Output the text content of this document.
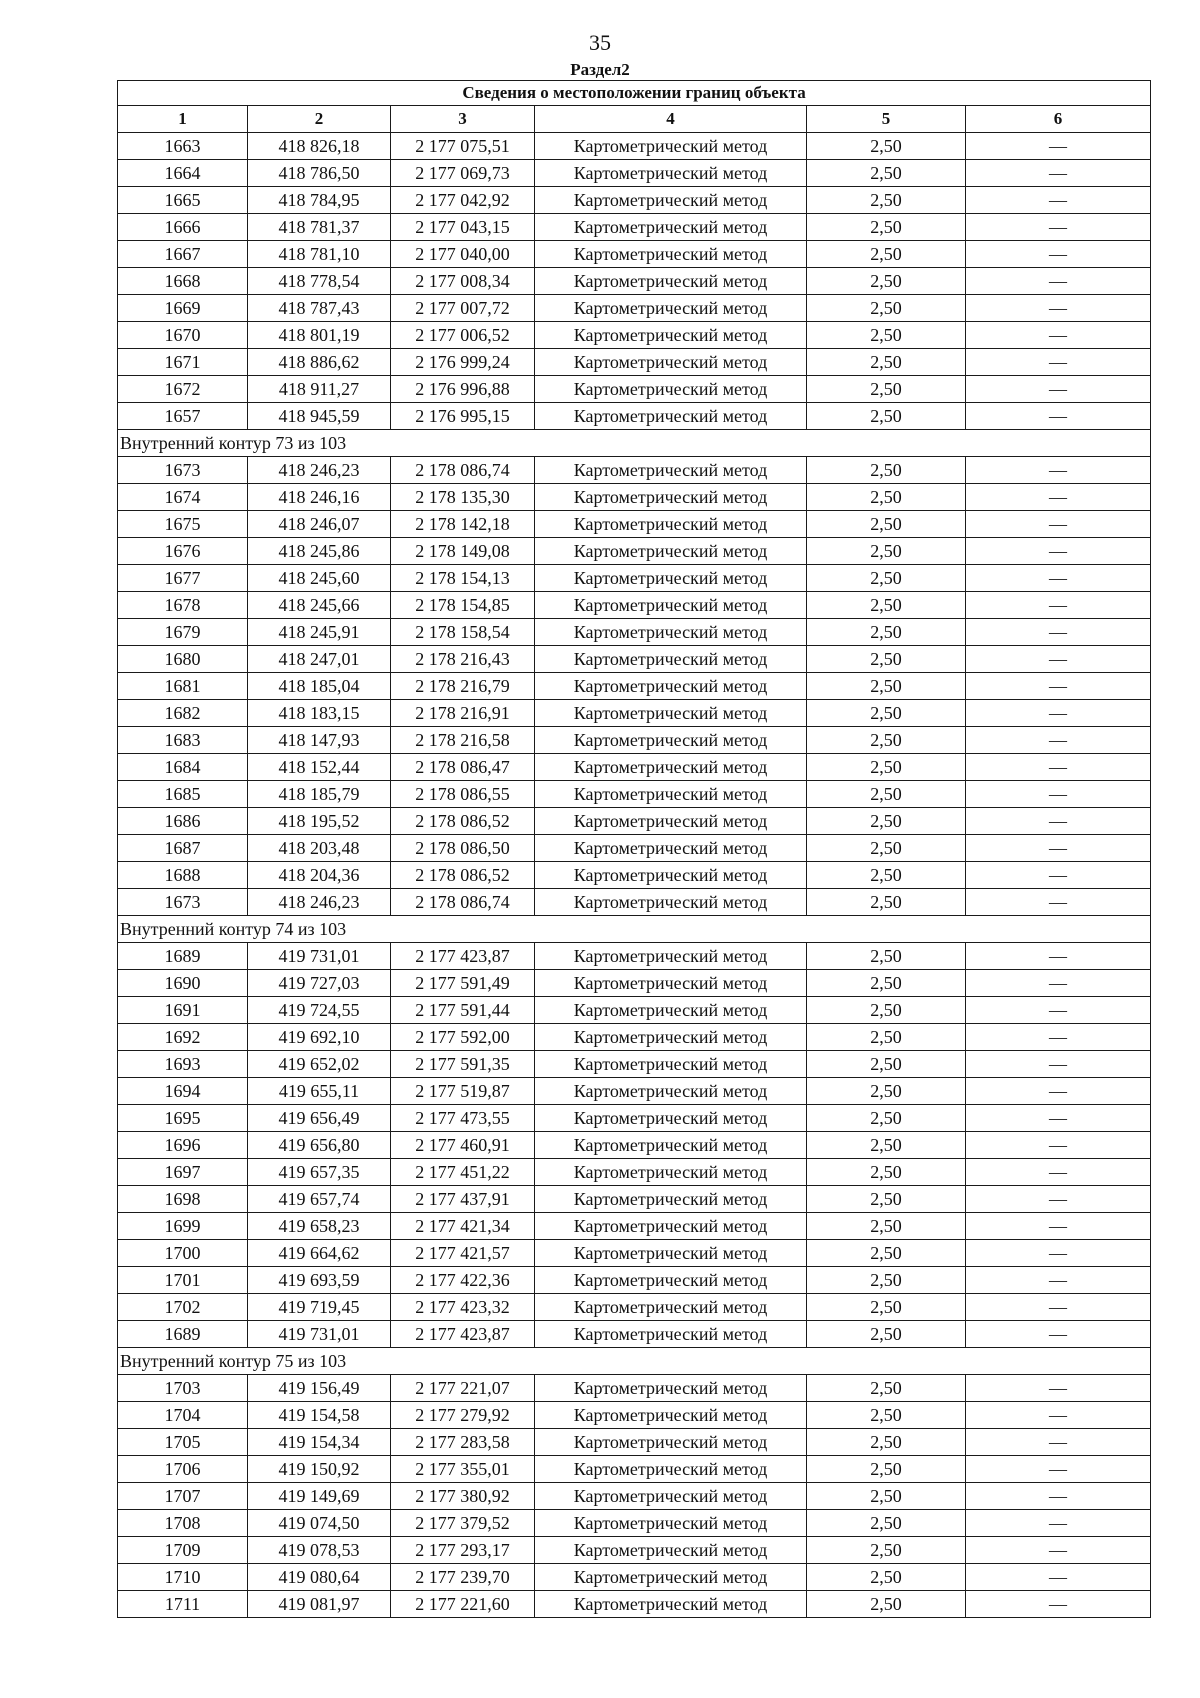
35
Раздел2
Сведения о местоположении границ объекта					
1	2	3	4	5	6
1663	418 826,18	2 177 075,51	Картометрический метод	2,50	—
1664	418 786,50	2 177 069,73	Картометрический метод	2,50	—
1665	418 784,95	2 177 042,92	Картометрический метод	2,50	—
1666	418 781,37	2 177 043,15	Картометрический метод	2,50	—
1667	418 781,10	2 177 040,00	Картометрический метод	2,50	—
1668	418 778,54	2 177 008,34	Картометрический метод	2,50	—
1669	418 787,43	2 177 007,72	Картометрический метод	2,50	—
1670	418 801,19	2 177 006,52	Картометрический метод	2,50	—
1671	418 886,62	2 176 999,24	Картометрический метод	2,50	—
1672	418 911,27	2 176 996,88	Картометрический метод	2,50	—
1657	418 945,59	2 176 995,15	Картометрический метод	2,50	—
Внутренний контур 73 из 103					
1673	418 246,23	2 178 086,74	Картометрический метод	2,50	—
1674	418 246,16	2 178 135,30	Картометрический метод	2,50	—
1675	418 246,07	2 178 142,18	Картометрический метод	2,50	—
1676	418 245,86	2 178 149,08	Картометрический метод	2,50	—
1677	418 245,60	2 178 154,13	Картометрический метод	2,50	—
1678	418 245,66	2 178 154,85	Картометрический метод	2,50	—
1679	418 245,91	2 178 158,54	Картометрический метод	2,50	—
1680	418 247,01	2 178 216,43	Картометрический метод	2,50	—
1681	418 185,04	2 178 216,79	Картометрический метод	2,50	—
1682	418 183,15	2 178 216,91	Картометрический метод	2,50	—
1683	418 147,93	2 178 216,58	Картометрический метод	2,50	—
1684	418 152,44	2 178 086,47	Картометрический метод	2,50	—
1685	418 185,79	2 178 086,55	Картометрический метод	2,50	—
1686	418 195,52	2 178 086,52	Картометрический метод	2,50	—
1687	418 203,48	2 178 086,50	Картометрический метод	2,50	—
1688	418 204,36	2 178 086,52	Картометрический метод	2,50	—
1673	418 246,23	2 178 086,74	Картометрический метод	2,50	—
Внутренний контур 74 из 103					
1689	419 731,01	2 177 423,87	Картометрический метод	2,50	—
1690	419 727,03	2 177 591,49	Картометрический метод	2,50	—
1691	419 724,55	2 177 591,44	Картометрический метод	2,50	—
1692	419 692,10	2 177 592,00	Картометрический метод	2,50	—
1693	419 652,02	2 177 591,35	Картометрический метод	2,50	—
1694	419 655,11	2 177 519,87	Картометрический метод	2,50	—
1695	419 656,49	2 177 473,55	Картометрический метод	2,50	—
1696	419 656,80	2 177 460,91	Картометрический метод	2,50	—
1697	419 657,35	2 177 451,22	Картометрический метод	2,50	—
1698	419 657,74	2 177 437,91	Картометрический метод	2,50	—
1699	419 658,23	2 177 421,34	Картометрический метод	2,50	—
1700	419 664,62	2 177 421,57	Картометрический метод	2,50	—
1701	419 693,59	2 177 422,36	Картометрический метод	2,50	—
1702	419 719,45	2 177 423,32	Картометрический метод	2,50	—
1689	419 731,01	2 177 423,87	Картометрический метод	2,50	—
Внутренний контур 75 из 103					
1703	419 156,49	2 177 221,07	Картометрический метод	2,50	—
1704	419 154,58	2 177 279,92	Картометрический метод	2,50	—
1705	419 154,34	2 177 283,58	Картометрический метод	2,50	—
1706	419 150,92	2 177 355,01	Картометрический метод	2,50	—
1707	419 149,69	2 177 380,92	Картометрический метод	2,50	—
1708	419 074,50	2 177 379,52	Картометрический метод	2,50	—
1709	419 078,53	2 177 293,17	Картометрический метод	2,50	—
1710	419 080,64	2 177 239,70	Картометрический метод	2,50	—
1711	419 081,97	2 177 221,60	Картометрический метод	2,50	—
